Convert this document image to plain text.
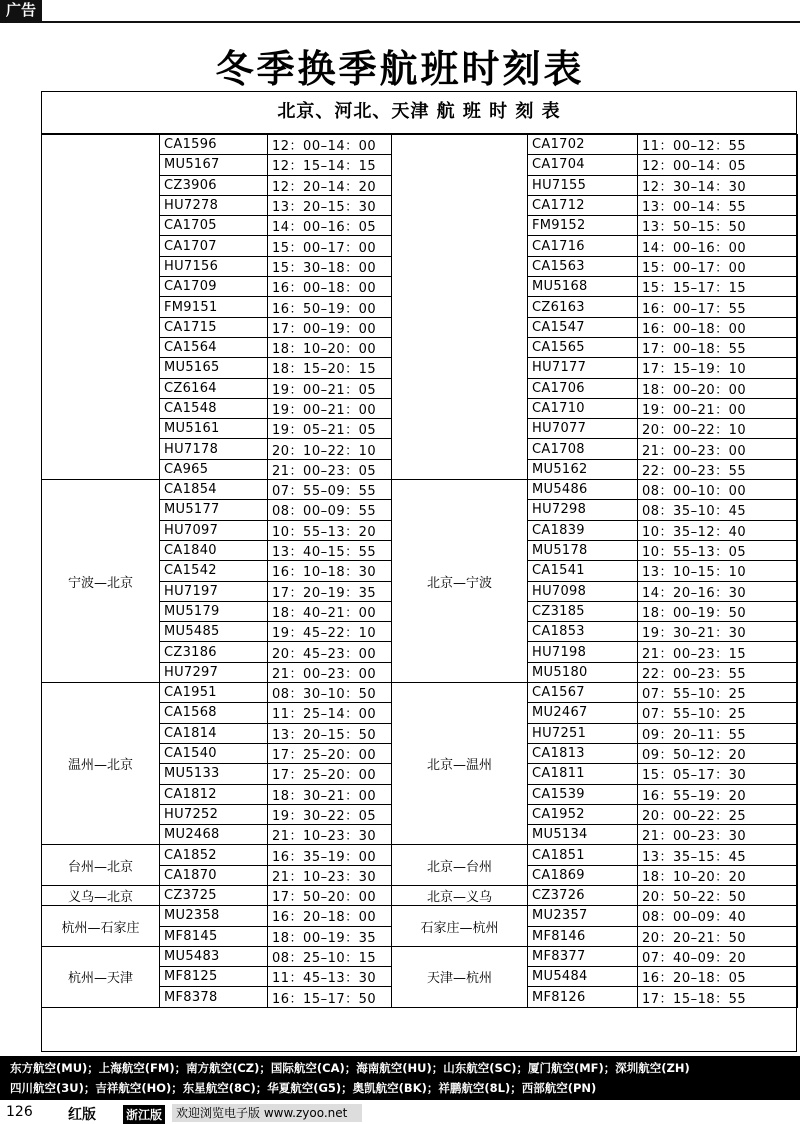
广告
冬季换季航班时刻表
北京、河北、天津 航 班 时 刻 表
	CA1596	12：00–14：00		CA1702	11：00–12：55
	MU5167	12：15–14：15		CA1704	12：00–14：05
	CZ3906	12：20–14：20		HU7155	12：30–14：30
	HU7278	13：20–15：30		CA1712	13：00–14：55
	CA1705	14：00–16：05		FM9152	13：50–15：50
	CA1707	15：00–17：00		CA1716	14：00–16：00
	HU7156	15：30–18：00		CA1563	15：00–17：00
	CA1709	16：00–18：00		MU5168	15：15–17：15
	FM9151	16：50–19：00		CZ6163	16：00–17：55
	CA1715	17：00–19：00		CA1547	16：00–18：00
	CA1564	18：10–20：00		CA1565	17：00–18：55
	MU5165	18：15–20：15		HU7177	17：15–19：10
	CZ6164	19：00–21：05		CA1706	18：00–20：00
	CA1548	19：00–21：00		CA1710	19：00–21：00
	MU5161	19：05–21：05		HU7077	20：00–22：10
	HU7178	20：10–22：10		CA1708	21：00–23：00
	CA965	21：00–23：05		MU5162	22：00–23：55
宁波—北京	CA1854	07：55–09：55	北京—宁波	MU5486	08：00–10：00
	MU5177	08：00–09：55		HU7298	08：35–10：45
	HU7097	10：55–13：20		CA1839	10：35–12：40
	CA1840	13：40–15：55		MU5178	10：55–13：05
	CA1542	16：10–18：30		CA1541	13：10–15：10
	HU7197	17：20–19：35		HU7098	14：20–16：30
	MU5179	18：40–21：00		CZ3185	18：00–19：50
	MU5485	19：45–22：10		CA1853	19：30–21：30
	CZ3186	20：45–23：00		HU7198	21：00–23：15
	HU7297	21：00–23：00		MU5180	22：00–23：55
温州—北京	CA1951	08：30–10：50	北京—温州	CA1567	07：55–10：25
	CA1568	11：25–14：00		MU2467	07：55–10：25
	CA1814	13：20–15：50		HU7251	09：20–11：55
	CA1540	17：25–20：00		CA1813	09：50–12：20
	MU5133	17：25–20：00		CA1811	15：05–17：30
	CA1812	18：30–21：00		CA1539	16：55–19：20
	HU7252	19：30–22：05		CA1952	20：00–22：25
	MU2468	21：10–23：30		MU5134	21：00–23：30
台州—北京	CA1852	16：35–19：00	北京—台州	CA1851	13：35–15：45
	CA1870	21：10–23：30		CA1869	18：10–20：20
义乌—北京	CZ3725	17：50–20：00	北京—义乌	CZ3726	20：50–22：50
杭州—石家庄	MU2358	16：20–18：00	石家庄—杭州	MU2357	08：00–09：40
	MF8145	18：00–19：35		MF8146	20：20–21：50
杭州—天津	MU5483	08：25–10：15	天津—杭州	MF8377	07：40–09：20
	MF8125	11：45–13：30		MU5484	16：20–18：05
	MF8378	16：15–17：50		MF8126	17：15–18：55
东方航空(MU)；上海航空(FM)；南方航空(CZ)；国际航空(CA)；海南航空(HU)；山东航空(SC)；厦门航空(MF)；深圳航空(ZH)
四川航空(3U)；吉祥航空(HO)；东星航空(8C)；华夏航空(G5)；奥凯航空(BK)；祥鹏航空(8L)；西部航空(PN)
126	红版	浙江版	欢迎浏览电子版 www.zyoo.net
